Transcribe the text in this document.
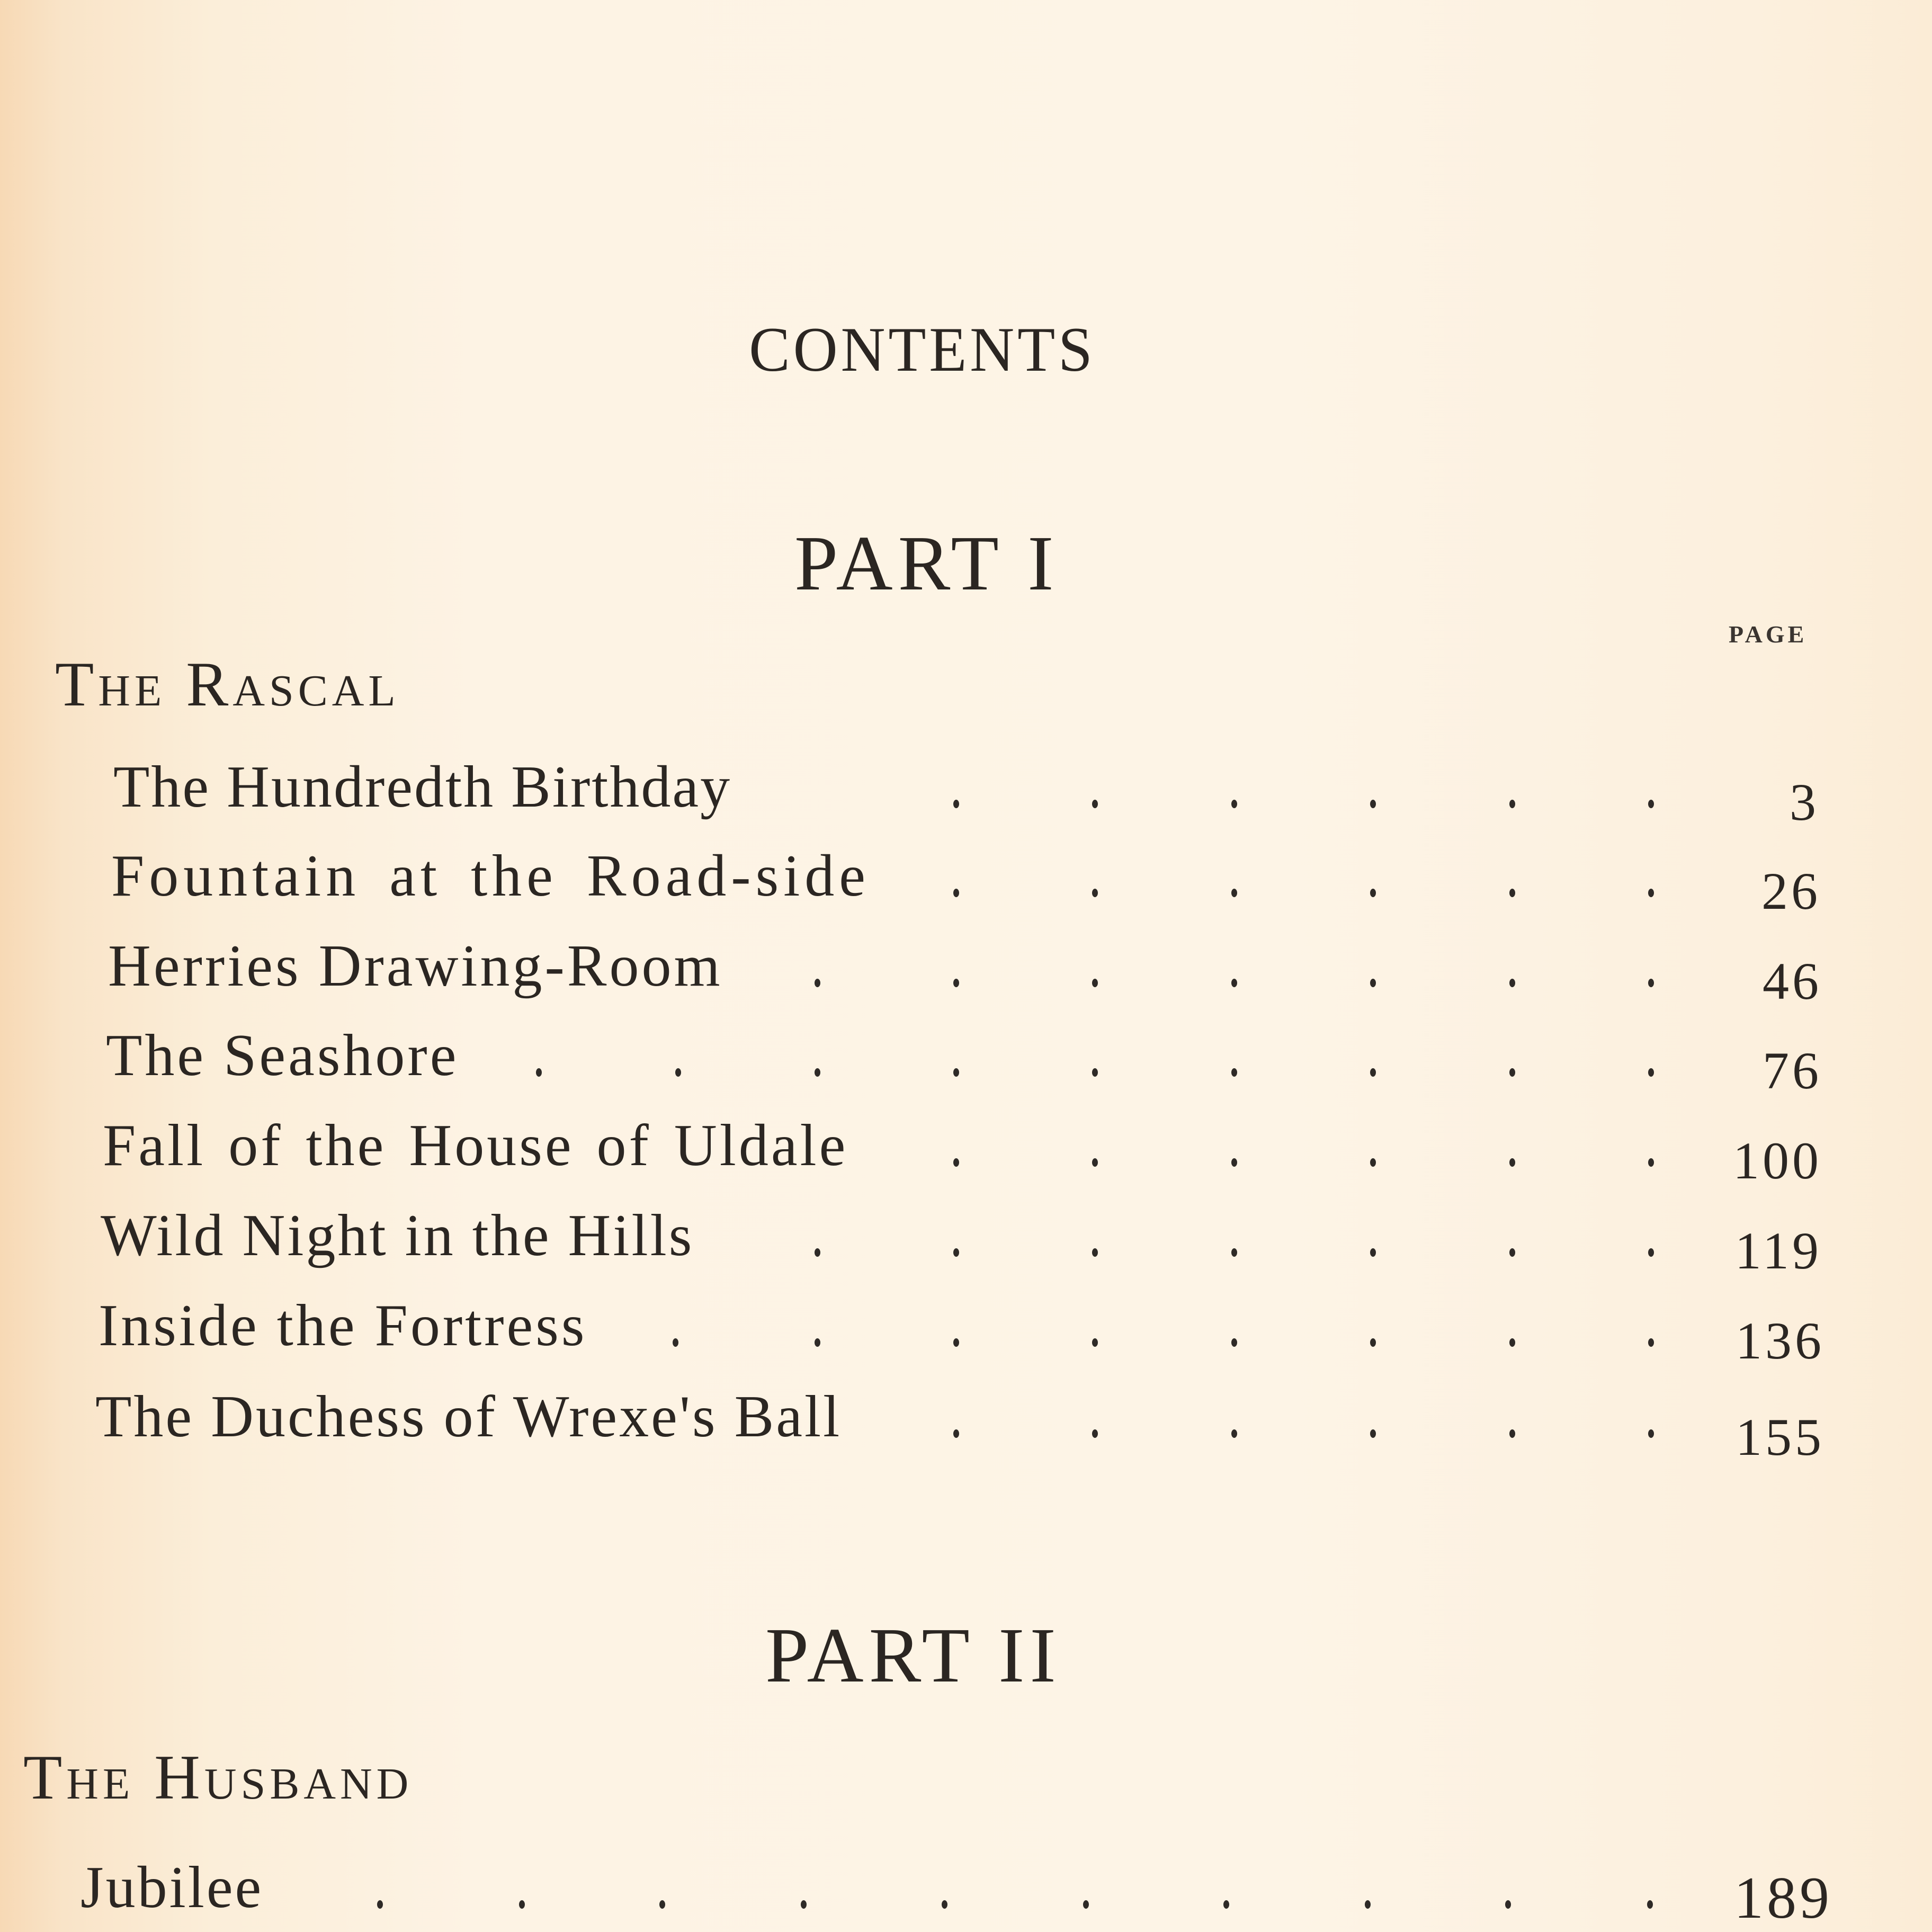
CONTENTS
PART I
PAGE
The Rascal
The Hundredth Birthday	3
Fountain at the Road-side	26
Herries Drawing-Room	46
The Seashore	76
Fall of the House of Uldale	100
Wild Night in the Hills	119
Inside the Fortress	136
The Duchess of Wrexe's Ball	155
PART II
The Husband
Jubilee	189
